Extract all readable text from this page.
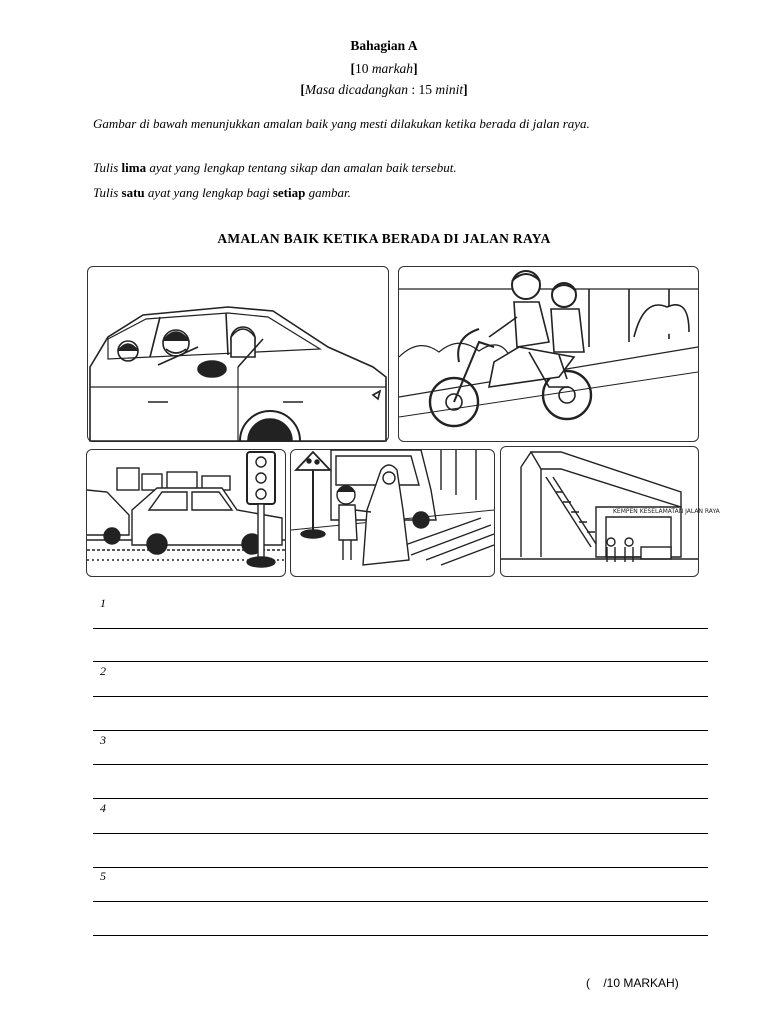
Bahagian A
[10 markah]
[Masa dicadangkan : 15 minit]
Gambar di bawah menunjukkan amalan baik yang mesti dilakukan ketika berada di jalan raya.
Tulis lima ayat yang lengkap tentang sikap dan amalan baik tersebut.
Tulis satu ayat yang lengkap bagi setiap gambar.
AMALAN BAIK KETIKA BERADA DI JALAN RAYA
KEMPEN KESELAMATAN JALAN RAYA
1
2
3
4
5
(    /10 MARKAH)
